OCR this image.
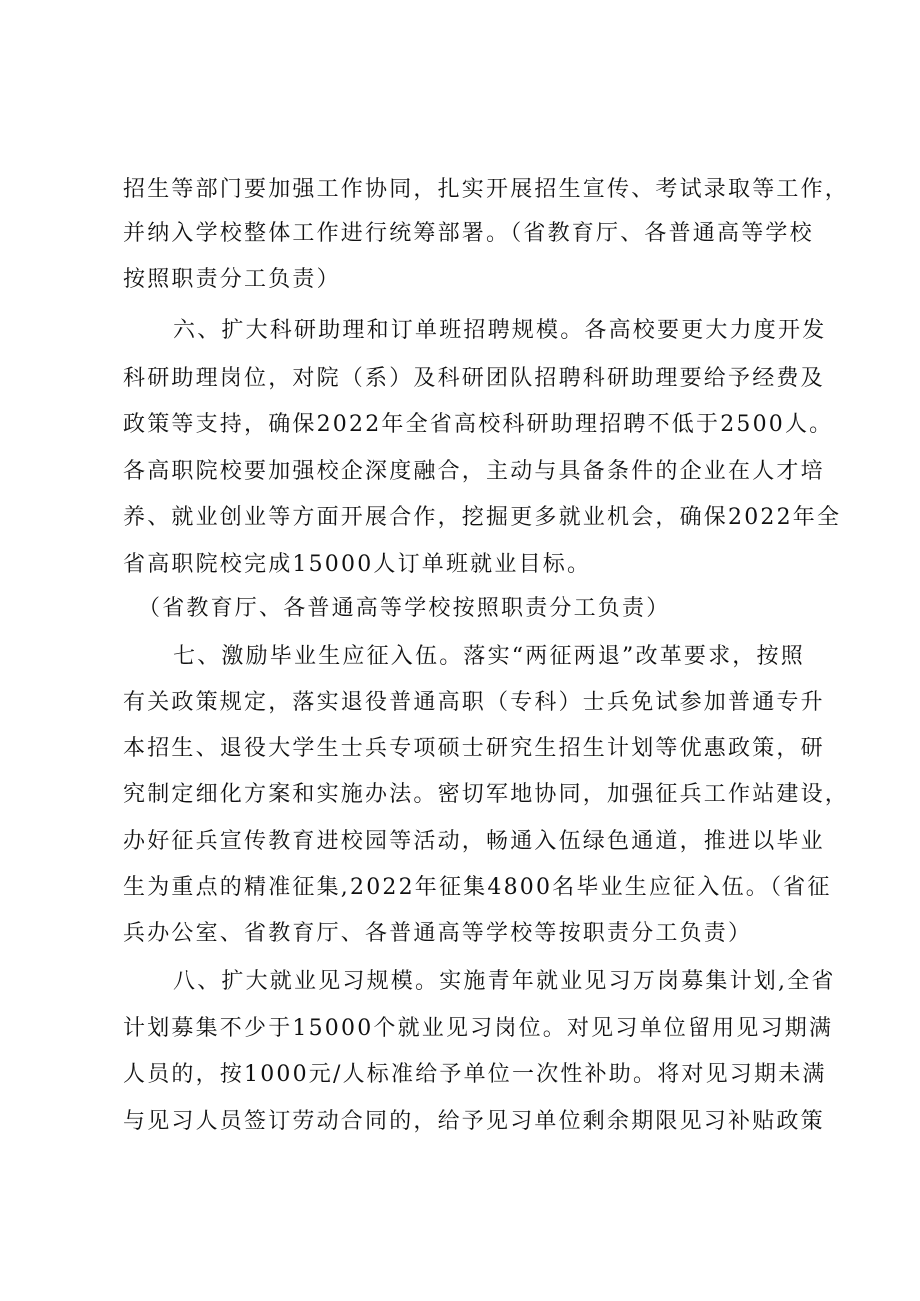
招生等部门要加强工作协同，扎实开展招生宣传、考试录取等工作，
并纳入学校整体工作进行统筹部署。（省教育厅、各普通高等学校
按照职责分工负责）
六、扩大科研助理和订单班招聘规模。各高校要更大力度开发
科研助理岗位，对院（系）及科研团队招聘科研助理要给予经费及
政策等支持，确保2022年全省高校科研助理招聘不低于2500人。
各高职院校要加强校企深度融合，主动与具备条件的企业在人才培
养、就业创业等方面开展合作，挖掘更多就业机会，确保2022年全
省高职院校完成15000人订单班就业目标。
（省教育厅、各普通高等学校按照职责分工负责）
七、激励毕业生应征入伍。落实“两征两退”改革要求，按照
有关政策规定，落实退役普通高职（专科）士兵免试参加普通专升
本招生、退役大学生士兵专项硕士研究生招生计划等优惠政策，研
究制定细化方案和实施办法。密切军地协同，加强征兵工作站建设，
办好征兵宣传教育进校园等活动，畅通入伍绿色通道，推进以毕业
生为重点的精准征集,2022年征集4800名毕业生应征入伍。（省征
兵办公室、省教育厅、各普通高等学校等按职责分工负责）
八、扩大就业见习规模。实施青年就业见习万岗募集计划,全省
计划募集不少于15000个就业见习岗位。对见习单位留用见习期满
人员的，按1000元/人标准给予单位一次性补助。将对见习期未满
与见习人员签订劳动合同的，给予见习单位剩余期限见习补贴政策
